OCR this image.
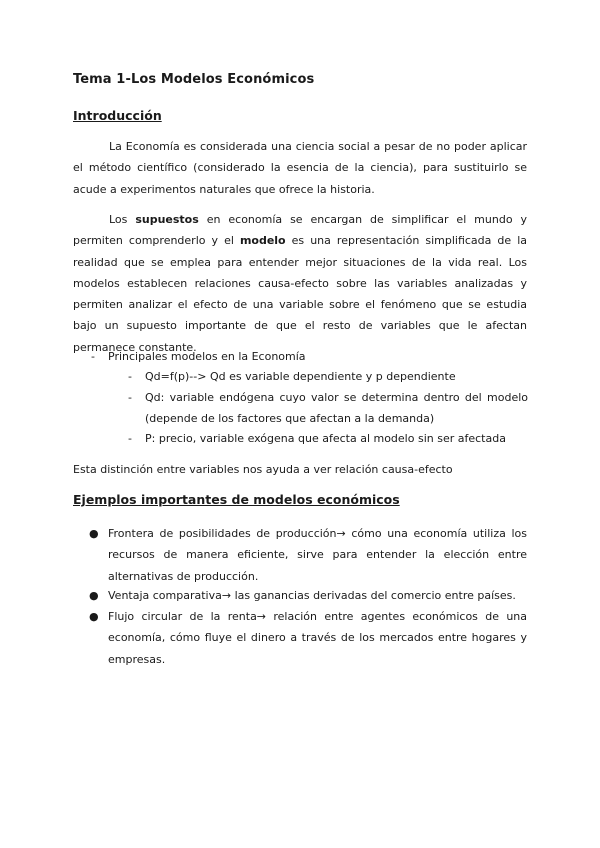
Tema 1-Los Modelos Económicos
Introducción

La Economía es considerada una ciencia social a pesar de no poder aplicar el método científico (considerado la esencia de la ciencia), para sustituirlo se acude a experimentos naturales que ofrece la historia.

Los supuestos en economía se encargan de simplificar el mundo y permiten comprenderlo y el modelo es una representación simplificada de la realidad que se emplea para entender mejor situaciones de la vida real. Los modelos establecen relaciones causa-efecto sobre las variables analizadas y permiten analizar el efecto de una variable sobre el fenómeno que se estudia bajo un supuesto importante de que el resto de variables que le afectan permanece constante.

- Principales modelos en la Economía

- Qd=f(p)--> Qd es variable dependiente y p dependiente

- Qd: variable endógena cuyo valor se determina dentro del modelo (depende de los factores que afectan a la demanda)

- P: precio, variable exógena que afecta al modelo sin ser afectada

Esta distinción entre variables nos ayuda a ver relación causa-efecto

Ejemplos importantes de modelos económicos
● Frontera de posibilidades de producción→ cómo una economía utiliza los recursos de manera eficiente, sirve para entender la elección entre alternativas de producción.

● Ventaja comparativa→ las ganancias derivadas del comercio entre países.

● Flujo circular de la renta→ relación entre agentes económicos de una economía, cómo fluye el dinero a través de los mercados entre hogares y empresas.
